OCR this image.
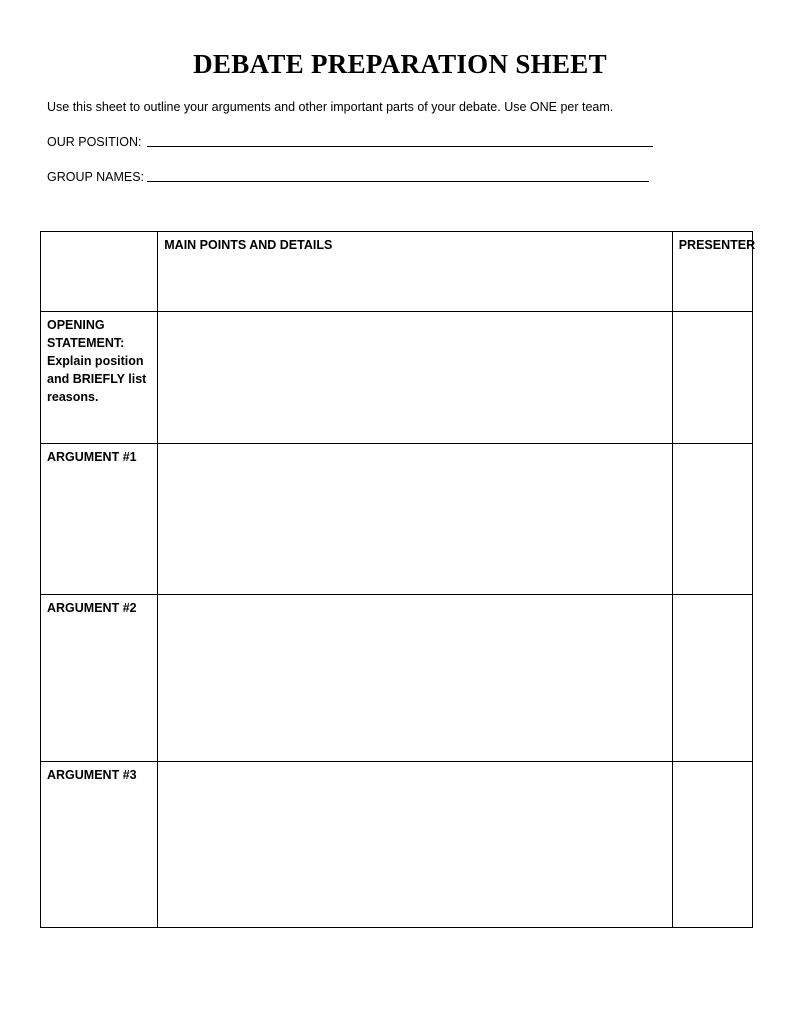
DEBATE PREPARATION SHEET
Use this sheet to outline your arguments and other important parts of your debate. Use ONE per team.
OUR POSITION:
GROUP NAMES:
	MAIN POINTS AND DETAILS	PRESENTER
OPENING STATEMENT: Explain position and BRIEFLY list reasons.		
ARGUMENT #1		
ARGUMENT #2		
ARGUMENT #3		
